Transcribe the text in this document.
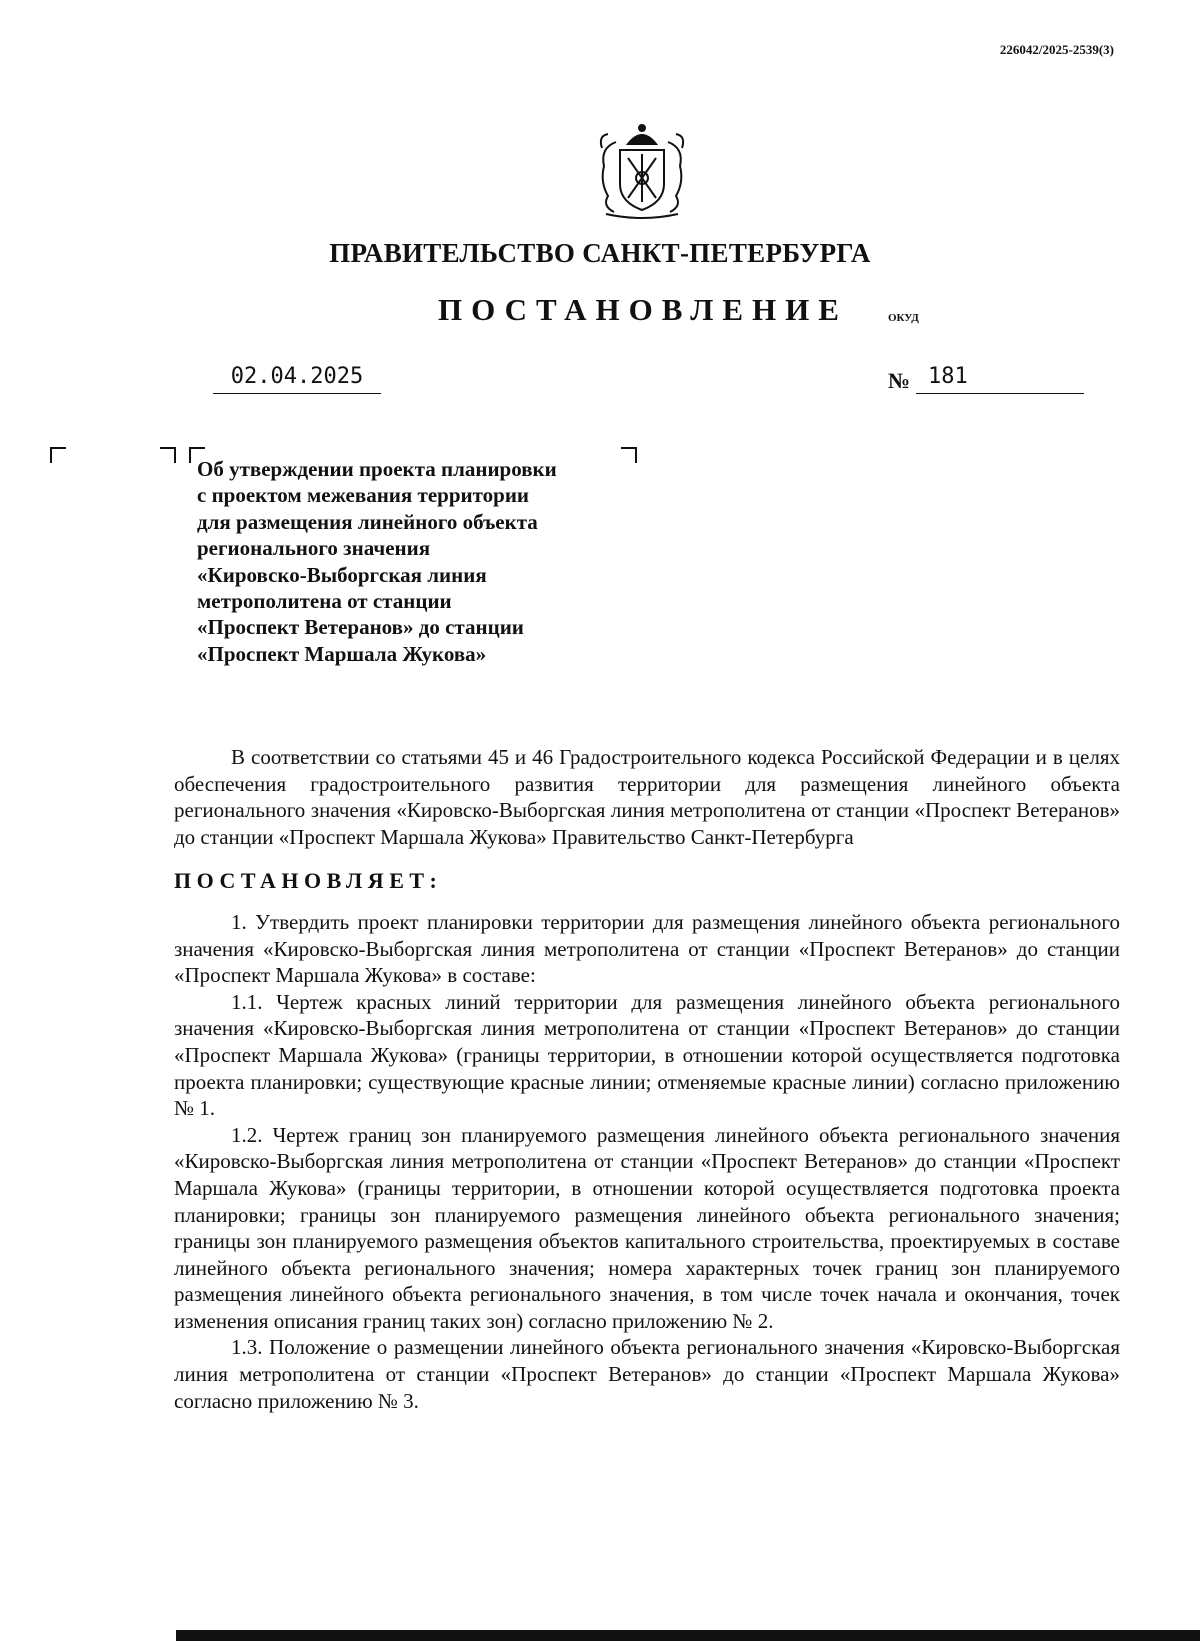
226042/2025-2539(3)
ПРАВИТЕЛЬСТВО САНКТ-ПЕТЕРБУРГА
ПОСТАНОВЛЕНИЕ	ОКУД
02.04.2025	№ 181
Об утверждении проекта планировки
с проектом межевания территории
для размещения линейного объекта
регионального значения
«Кировско-Выборгская линия
метрополитена от станции
«Проспект Ветеранов» до станции
«Проспект Маршала Жукова»

В соответствии со статьями 45 и 46 Градостроительного кодекса Российской Федерации и в целях обеспечения градостроительного развития территории для размещения линейного объекта регионального значения «Кировско-Выборгская линия метрополитена от станции «Проспект Ветеранов» до станции «Проспект Маршала Жукова» Правительство Санкт-Петербурга

ПОСТАНОВЛЯЕТ:

1. Утвердить проект планировки территории для размещения линейного объекта регионального значения «Кировско-Выборгская линия метрополитена от станции «Проспект Ветеранов» до станции «Проспект Маршала Жукова» в составе:

1.1. Чертеж красных линий территории для размещения линейного объекта регионального значения «Кировско-Выборгская линия метрополитена от станции «Проспект Ветеранов» до станции «Проспект Маршала Жукова» (границы территории, в отношении которой осуществляется подготовка проекта планировки; существующие красные линии; отменяемые красные линии) согласно приложению № 1.

1.2. Чертеж границ зон планируемого размещения линейного объекта регионального значения «Кировско-Выборгская линия метрополитена от станции «Проспект Ветеранов» до станции «Проспект Маршала Жукова» (границы территории, в отношении которой осуществляется подготовка проекта планировки; границы зон планируемого размещения линейного объекта регионального значения; границы зон планируемого размещения объектов капитального строительства, проектируемых в составе линейного объекта регионального значения; номера характерных точек границ зон планируемого размещения линейного объекта регионального значения, в том числе точек начала и окончания, точек изменения описания границ таких зон) согласно приложению № 2.

1.3. Положение о размещении линейного объекта регионального значения «Кировско-Выборгская линия метрополитена от станции «Проспект Ветеранов» до станции «Проспект Маршала Жукова» согласно приложению № 3.
